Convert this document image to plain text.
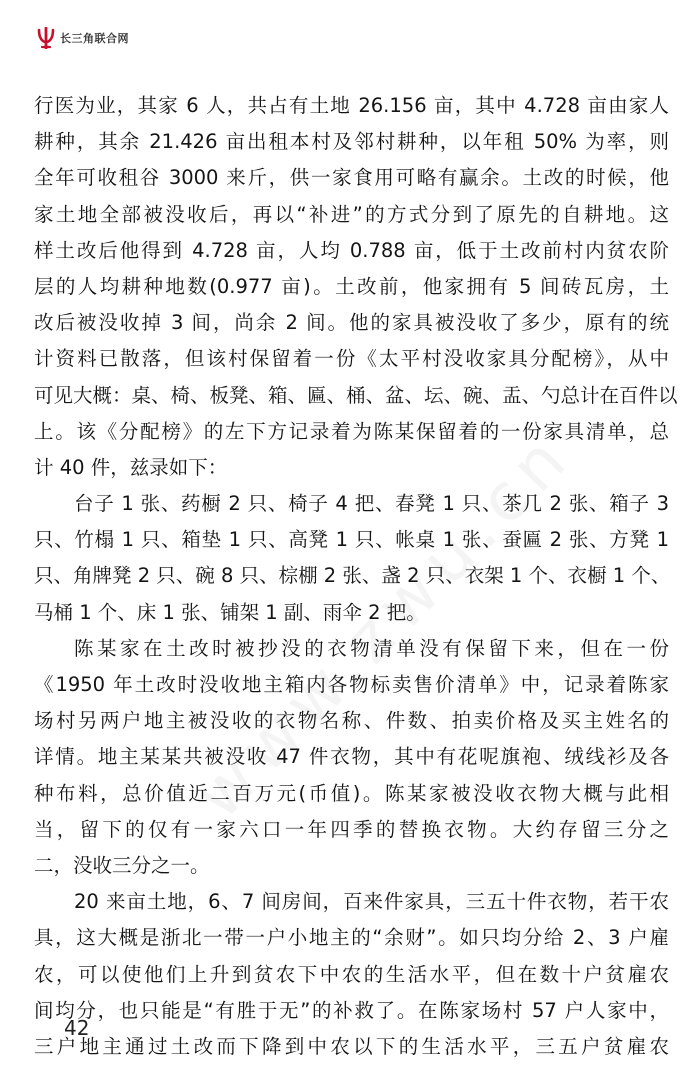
长三角联合网
行医为业，其家 6 人，共占有土地 26.156 亩，其中 4.728 亩由家人
耕种，其余 21.426 亩出租本村及邻村耕种，以年租 50% 为率，则
全年可收租谷 3000 来斤，供一家食用可略有赢余。土改的时候，他
家土地全部被没收后，再以“补进”的方式分到了原先的自耕地。这
样土改后他得到 4.728 亩，人均 0.788 亩，低于土改前村内贫农阶
层的人均耕种地数(0.977 亩)。土改前，他家拥有 5 间砖瓦房，土
改后被没收掉 3 间，尚余 2 间。他的家具被没收了多少，原有的统
计资料已散落，但该村保留着一份《太平村没收家具分配榜》，从中
可见大概：桌、椅、板凳、箱、匾、桶、盆、坛、碗、盂、勺总计在百件以
上。该《分配榜》的左下方记录着为陈某保留着的一份家具清单，总
计 40 件，兹录如下：
台子 1 张、药橱 2 只、椅子 4 把、春凳 1 只、茶几 2 张、箱子 3
只、竹榻 1 只、箱垫 1 只、高凳 1 只、帐桌 1 张、蚕匾 2 张、方凳 1
只、角牌凳 2 只、碗 8 只、棕棚 2 张、盏 2 只、衣架 1 个、衣橱 1 个、
马桶 1 个、床 1 张、铺架 1 副、雨伞 2 把。
陈某家在土改时被抄没的衣物清单没有保留下来，但在一份
《1950 年土改时没收地主箱内各物标卖售价清单》中，记录着陈家
场村另两户地主被没收的衣物名称、件数、拍卖价格及买主姓名的
详情。地主某某共被没收 47 件衣物，其中有花呢旗袍、绒线衫及各
种布料，总价值近二百万元(币值)。陈某家被没收衣物大概与此相
当，留下的仅有一家六口一年四季的替换衣物。大约存留三分之
二，没收三分之一。
20 来亩土地，6、7 间房间，百来件家具，三五十件衣物，若干农
具，这大概是浙北一带一户小地主的“余财”。如只均分给 2、3 户雇
农，可以使他们上升到贫农下中农的生活水平，但在数十户贫雇农
间均分，也只能是“有胜于无”的补救了。在陈家场村 57 户人家中，
三户地主通过土改而下降到中农以下的生活水平，三五户贫雇农
42
